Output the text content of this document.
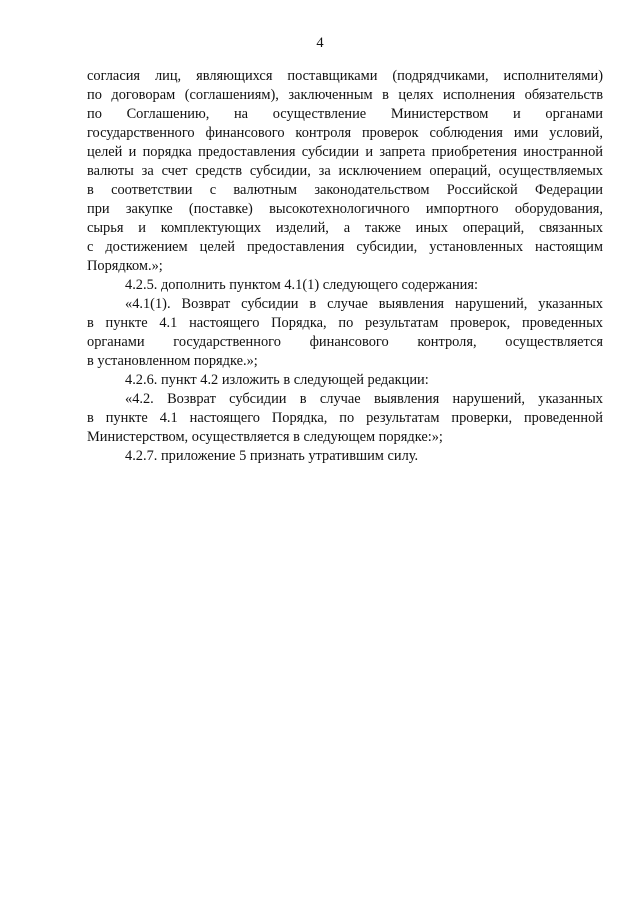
4
согласия лиц, являющихся поставщиками (подрядчиками, исполнителями)
по договорам (соглашениям), заключенным в целях исполнения обязательств
по Соглашению, на осуществление Министерством и органами
государственного финансового контроля проверок соблюдения ими условий,
целей и порядка предоставления субсидии и запрета приобретения иностранной
валюты за счет средств субсидии, за исключением операций, осуществляемых
в соответствии с валютным законодательством Российской Федерации
при закупке (поставке) высокотехнологичного импортного оборудования,
сырья и комплектующих изделий, а также иных операций, связанных
с достижением целей предоставления субсидии, установленных настоящим
Порядком.»;
4.2.5. дополнить пунктом 4.1(1) следующего содержания:
«4.1(1). Возврат субсидии в случае выявления нарушений, указанных
в пункте 4.1 настоящего Порядка, по результатам проверок, проведенных
органами государственного финансового контроля, осуществляется
в установленном порядке.»;
4.2.6. пункт 4.2 изложить в следующей редакции:
«4.2. Возврат субсидии в случае выявления нарушений, указанных
в пункте 4.1 настоящего Порядка, по результатам проверки, проведенной
Министерством, осуществляется в следующем порядке:»;
4.2.7. приложение 5 признать утратившим силу.
